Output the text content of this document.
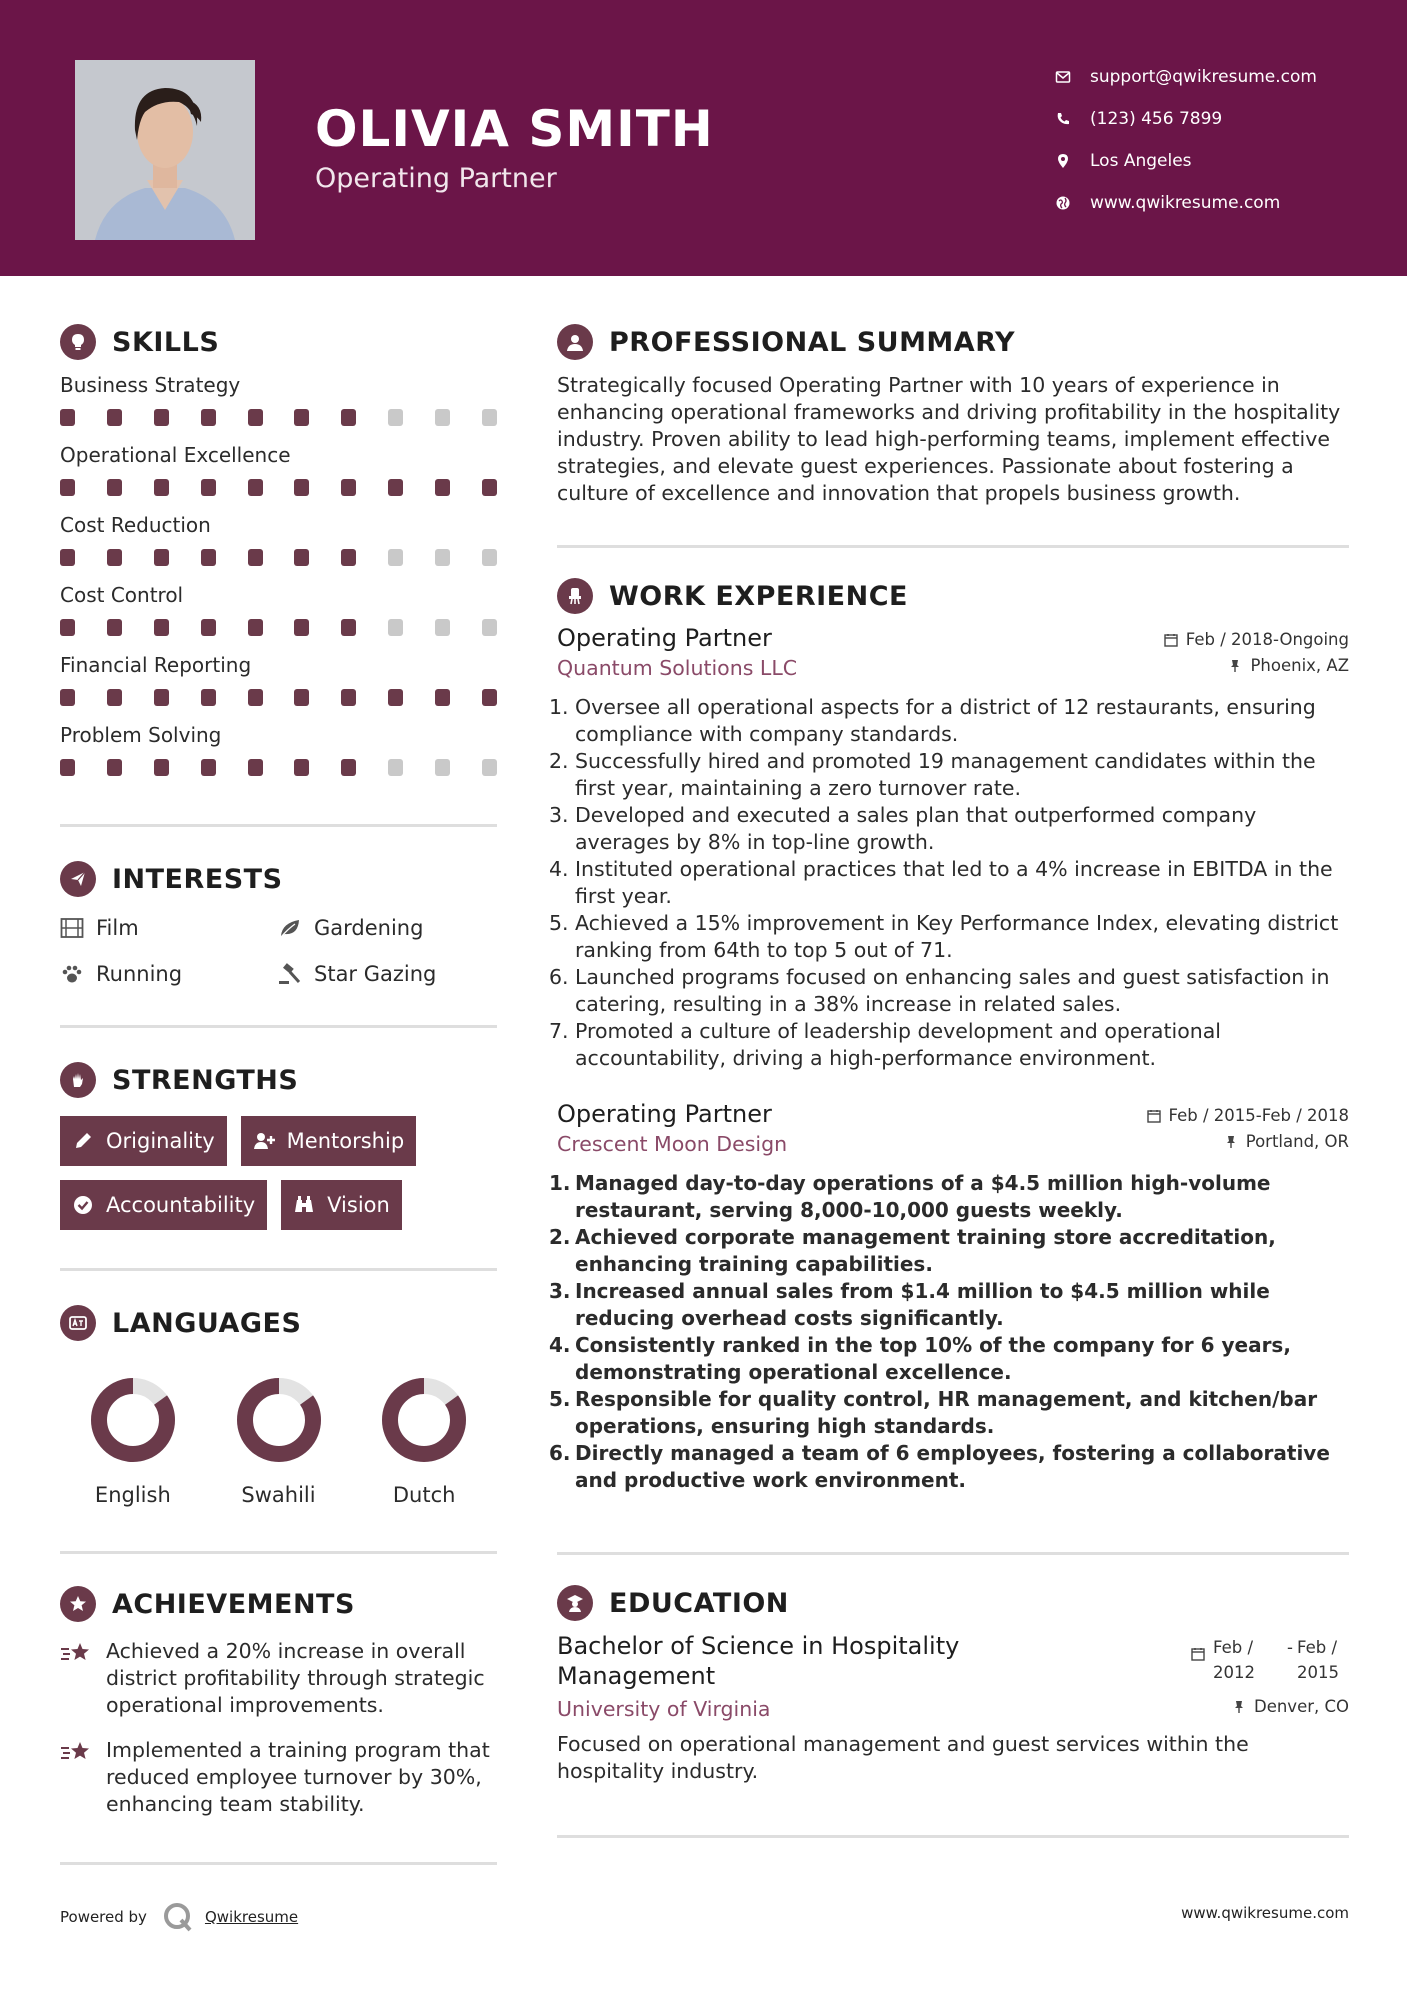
OLIVIA SMITH
Operating Partner
support@qwikresume.com
(123) 456 7899
Los Angeles
www.qwikresume.com
SKILLS
Business Strategy
Operational Excellence
Cost Reduction
Cost Control
Financial Reporting
Problem Solving
INTERESTS
Film	Gardening
Running	Star Gazing
STRENGTHS
Originality	Mentorship
Accountability	Vision
LANGUAGES
English	Swahili	Dutch
ACHIEVEMENTS
Achieved a 20% increase in overall district profitability through strategic operational improvements.
Implemented a training program that reduced employee turnover by 30%, enhancing team stability.
PROFESSIONAL SUMMARY
Strategically focused Operating Partner with 10 years of experience in enhancing operational frameworks and driving profitability in the hospitality industry. Proven ability to lead high-performing teams, implement effective strategies, and elevate guest experiences. Passionate about fostering a culture of excellence and innovation that propels business growth.
WORK EXPERIENCE
Operating Partner	Feb / 2018-Ongoing
Quantum Solutions LLC	Phoenix, AZ
1. Oversee all operational aspects for a district of 12 restaurants, ensuring compliance with company standards.
2. Successfully hired and promoted 19 management candidates within the first year, maintaining a zero turnover rate.
3. Developed and executed a sales plan that outperformed company averages by 8% in top-line growth.
4. Instituted operational practices that led to a 4% increase in EBITDA in the first year.
5. Achieved a 15% improvement in Key Performance Index, elevating district ranking from 64th to top 5 out of 71.
6. Launched programs focused on enhancing sales and guest satisfaction in catering, resulting in a 38% increase in related sales.
7. Promoted a culture of leadership development and operational accountability, driving a high-performance environment.
Operating Partner	Feb / 2015-Feb / 2018
Crescent Moon Design	Portland, OR
1. Managed day-to-day operations of a $4.5 million high-volume restaurant, serving 8,000-10,000 guests weekly.
2. Achieved corporate management training store accreditation, enhancing training capabilities.
3. Increased annual sales from $1.4 million to $4.5 million while reducing overhead costs significantly.
4. Consistently ranked in the top 10% of the company for 6 years, demonstrating operational excellence.
5. Responsible for quality control, HR management, and kitchen/bar operations, ensuring high standards.
6. Directly managed a team of 6 employees, fostering a collaborative and productive work environment.
EDUCATION
Bachelor of Science in Hospitality Management
Feb / 2012
- Feb / 2015
University of Virginia	Denver, CO
Focused on operational management and guest services within the hospitality industry.
Powered by	Qwikresume	www.qwikresume.com
